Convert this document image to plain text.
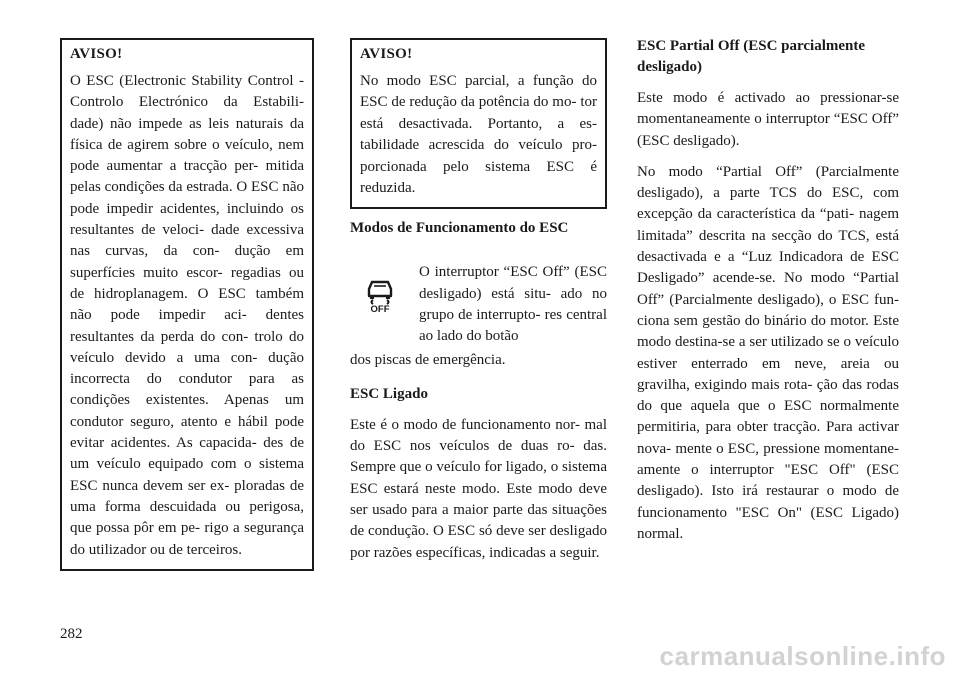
AVISO!

O ESC (Electronic Stability Control - Controlo Electrónico da Estabili- dade) não impede as leis naturais da física de agirem sobre o veículo, nem pode aumentar a tracção per- mitida pelas condições da estrada. O ESC não pode impedir acidentes, incluindo os resultantes de veloci- dade excessiva nas curvas, da con- dução em superfícies muito escor- regadias ou de hidroplanagem. O ESC também não pode impedir aci- dentes resultantes da perda do con- trolo do veículo devido a uma con- dução incorrecta do condutor para as condições existentes. Apenas um condutor seguro, atento e hábil pode evitar acidentes. As capacida- des de um veículo equipado com o sistema ESC nunca devem ser ex- ploradas de uma forma descuidada ou perigosa, que possa pôr em pe- rigo a segurança do utilizador ou de terceiros.

AVISO!

No modo ESC parcial, a função do ESC de redução da potência do mo- tor está desactivada. Portanto, a es- tabilidade acrescida do veículo pro- porcionada pelo sistema ESC é reduzida.

Modos de Funcionamento do ESC

OFF
O interruptor “ESC Off” (ESC desligado) está situ- ado no grupo de interrupto- res central ao lado do botão

dos piscas de emergência.

ESC Ligado

Este é o modo de funcionamento nor- mal do ESC nos veículos de duas ro- das. Sempre que o veículo for ligado, o sistema ESC estará neste modo. Este modo deve ser usado para a maior parte das situações de condução. O ESC só deve ser desligado por razões específicas, indicadas a seguir.

ESC Partial Off (ESC parcialmente desligado)

Este modo é activado ao pressionar-se momentaneamente o interruptor “ESC Off” (ESC desligado).

No modo “Partial Off” (Parcialmente desligado), a parte TCS do ESC, com excepção da característica da “pati- nagem limitada” descrita na secção do TCS, está desactivada e a “Luz Indicadora de ESC Desligado” acende-se. No modo “Partial Off” (Parcialmente desligado), o ESC fun- ciona sem gestão do binário do motor. Este modo destina-se a ser utilizado se o veículo estiver enterrado em neve, areia ou gravilha, exigindo mais rota- ção das rodas do que aquela que o ESC normalmente permitiria, para obter tracção. Para activar nova- mente o ESC, pressione momentane- amente o interruptor "ESC Off" (ESC desligado). Isto irá restaurar o modo de funcionamento "ESC On" (ESC Ligado) normal.

282
carmanualsonline.info
